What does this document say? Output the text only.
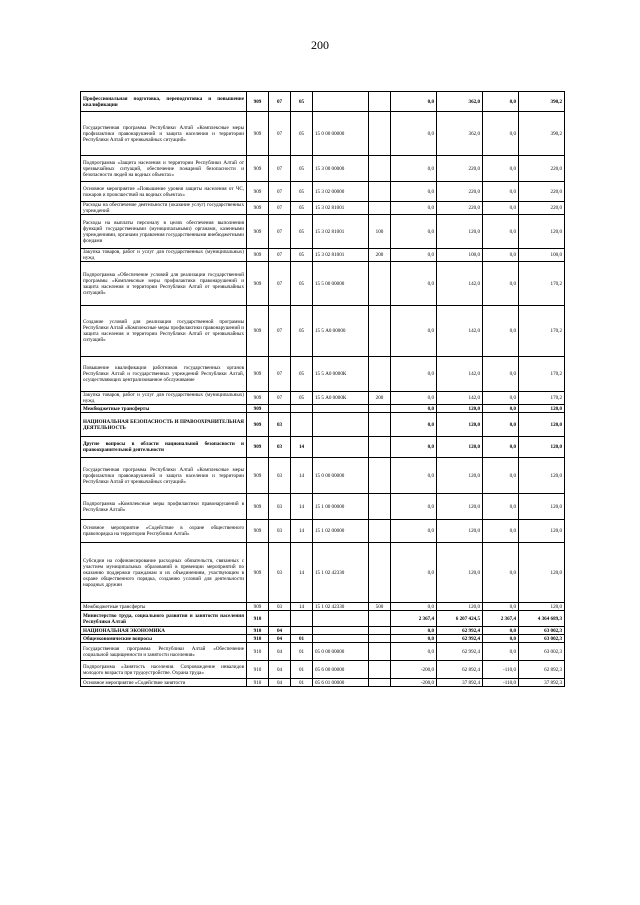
200
Профессиональная подготовка, переподготовка и повышение квалификации	909	07	05			0,0	362,0	0,0	390,2
Государственная программа Республики Алтай «Комплексные меры профилактики правонарушений и защита населения и территории Республики Алтай от чрезвычайных ситуаций»	909	07	05	15 0 00 00000		0,0	362,0	0,0	390,2
Подпрограмма «Защита населения и территории Республики Алтай от чрезвычайных ситуаций, обеспечение пожарной безопасности и безопасности людей на водных объектах»	909	07	05	15 3 00 00000		0,0	220,0	0,0	220,0
Основное мероприятие «Повышение уровня защиты населения от ЧС, пожаров и происшествий на водных объектах»	909	07	05	15 3 02 00000		0,0	220,0	0,0	220,0
Расходы на обеспечение деятельности (оказание услуг) государственных учреждений	909	07	05	15 3 02 81001		0,0	220,0	0,0	220,0
Расходы на выплаты персоналу в целях обеспечения выполнения функций государственными (муниципальными) органами, казенными учреждениями, органами управления государственными внебюджетными фондами	909	07	05	15 3 02 81001	100	0,0	120,0	0,0	120,0
Закупка товаров, работ и услуг для государственных (муниципальных) нужд	909	07	05	15 3 02 81001	200	0,0	100,0	0,0	100,0
Подпрограмма «Обеспечение условий для реализации государственной программы «Комплексные меры профилактики правонарушений и защита населения и территории Республики Алтай от чрезвычайных ситуаций»	909	07	05	15 5 00 00000		0,0	142,0	0,0	170,2
Создание условий для реализации государственной программы Республики Алтай «Комплексные меры профилактики правонарушений и защита населения и территории Республики Алтай от чрезвычайных ситуаций»	909	07	05	15 5 А0 00000		0,0	142,0	0,0	170,2
Повышение квалификации работников государственных органов Республики Алтай и государственных учреждений Республики Алтай, осуществляющих централизованное обслуживание	909	07	05	15 5 А0 0000К		0,0	142,0	0,0	170,2
Закупка товаров, работ и услуг для государственных (муниципальных) нужд	909	07	05	15 5 А0 0000К	200	0,0	142,0	0,0	170,2
Межбюджетные трансферты	909					0,0	120,0	0,0	120,0
НАЦИОНАЛЬНАЯ БЕЗОПАСНОСТЬ И ПРАВООХРАНИТЕЛЬНАЯ ДЕЯТЕЛЬНОСТЬ	909	03				0,0	120,0	0,0	120,0
Другие вопросы в области национальной безопасности и правоохранительной деятельности	909	03	14			0,0	120,0	0,0	120,0
Государственная программа Республики Алтай «Комплексные меры профилактики правонарушений и защита населения и территории Республики Алтай от чрезвычайных ситуаций»	909	03	14	15 0 00 00000		0,0	120,0	0,0	120,0
Подпрограмма «Комплексные меры профилактики правонарушений в Республике Алтай»	909	03	14	15 1 00 00000		0,0	120,0	0,0	120,0
Основное мероприятие «Содействие в охране общественного правопорядка на территории Республики Алтай»	909	03	14	15 1 02 00000		0,0	120,0	0,0	120,0
Субсидии на софинансирование расходных обязательств, связанных с участием муниципальных образований в превенции мероприятий по оказанию поддержки гражданам и их объединениям, участвующим в охране общественного порядка, созданию условий для деятельности народных дружин	909	03	14	15 1 02 42330		0,0	120,0	0,0	120,0
Межбюджетные трансферты	909	03	14	15 1 02 42330	500	0,0	120,0	0,0	120,0
Министерство труда, социального развития и занятости населения Республики Алтай	910					2 367,4	6 207 424,5	2 367,4	4 364 689,3
НАЦИОНАЛЬНАЯ ЭКОНОМИКА	910	04				0,0	62 992,4	0,0	63 002,3
Общеэкономические вопросы	910	04	01			0,0	62 992,4	0,0	63 002,3
Государственная программа Республики Алтай «Обеспечение социальной защищенности и занятости населения»	910	04	01	05 0 00 00000		0,0	62 992,4	0,0	63 002,3
Подпрограмма «Занятость населения. Сопровождение инвалидов молодого возраста при трудоустройстве. Охрана труда»	910	04	01	05 6 00 00000		-200,0	62 892,4	-110,0	62 892,3
Основное мероприятие «Содействие занятости	910	04	01	05 6 01 00000		-200,0	37 892,4	-110,0	37 892,3
